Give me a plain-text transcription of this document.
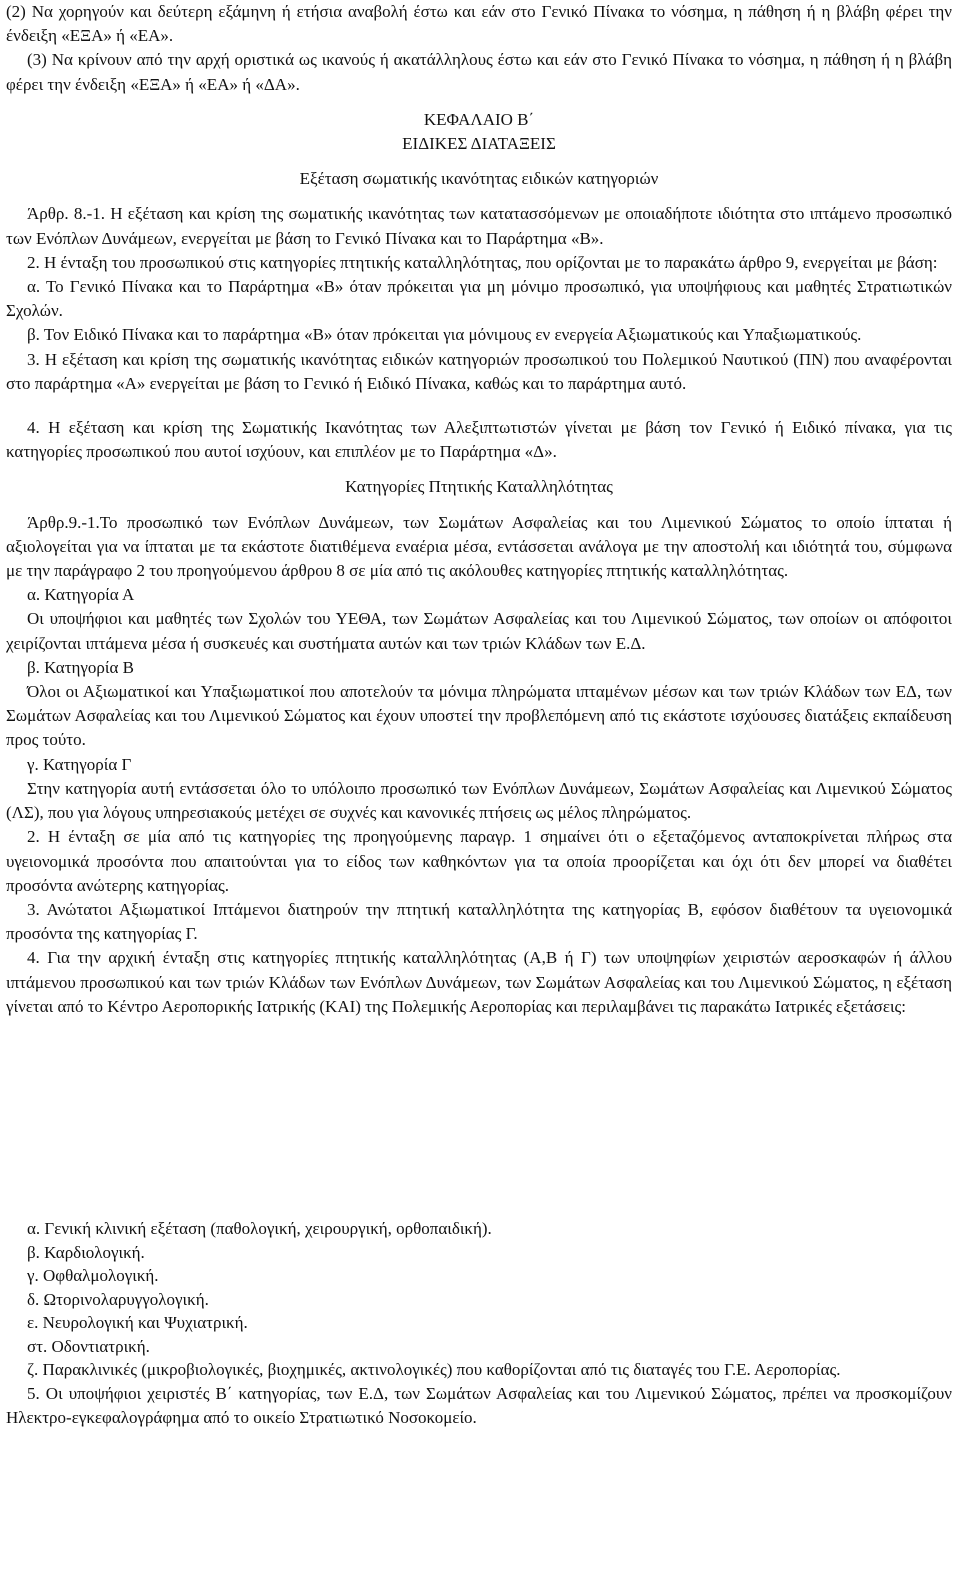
(2) Να χορηγούν και δεύτερη εξάμηνη ή ετήσια αναβολή έστω και εάν στο Γενικό Πίνακα το νόσημα, η πάθηση ή η βλάβη φέρει την ένδειξη «ΕΞΑ» ή «ΕΑ».

(3) Να κρίνουν από την αρχή οριστικά ως ικανούς ή ακατάλληλους έστω και εάν στο Γενικό Πίνακα το νόσημα, η πάθηση ή η βλάβη φέρει την ένδειξη «ΕΞΑ» ή «ΕΑ» ή «ΔΑ».

ΚΕΦΑΛΑΙΟ Β΄

ΕΙΔΙΚΕΣ ΔΙΑΤΑΞΕΙΣ

Εξέταση σωματικής ικανότητας ειδικών κατηγοριών

Άρθρ. 8.-1. Η εξέταση και κρίση της σωματικής ικανότητας των κατατασσόμενων με οποιαδήποτε ιδιότητα στο ιπτάμενο προσωπικό των Ενόπλων Δυνάμεων, ενεργείται με βάση το Γενικό Πίνακα και το Παράρτημα «Β».

2. Η ένταξη του προσωπικού στις κατηγορίες πτητικής καταλληλότητας, που ορίζονται με το παρακάτω άρθρο 9, ενεργείται με βάση:

α. Το Γενικό Πίνακα και το Παράρτημα «Β» όταν πρόκειται για μη μόνιμο προσωπικό, για υποψήφιους και μαθητές Στρατιωτικών Σχολών.

β. Τον Ειδικό Πίνακα και το παράρτημα «Β» όταν πρόκειται για μόνιμους εν ενεργεία Αξιωματικούς και Υπαξιωματικούς.

3. Η εξέταση και κρίση της σωματικής ικανότητας ειδικών κατηγοριών προσωπικού του Πολεμικού Ναυτικού (ΠΝ) που αναφέρονται στο παράρτημα «Α» ενεργείται με βάση το Γενικό ή Ειδικό Πίνακα, καθώς και το παράρτημα αυτό.

4. Η εξέταση και κρίση της Σωματικής Ικανότητας των Αλεξιπτωτιστών γίνεται με βάση τον Γενικό ή Ειδικό πίνακα, για τις κατηγορίες προσωπικού που αυτοί ισχύουν, και επιπλέον με το Παράρτημα «Δ».

Κατηγορίες Πτητικής Καταλληλότητας

Άρθρ.9.-1.Το προσωπικό των Ενόπλων Δυνάμεων, των Σωμάτων Ασφαλείας και του Λιμενικού Σώματος το οποίο ίπταται ή αξιολογείται για να ίπταται με τα εκάστοτε διατιθέμενα εναέρια μέσα, εντάσσεται ανάλογα με την αποστολή και ιδιότητά του, σύμφωνα με την παράγραφο 2 του προηγούμενου άρθρου 8 σε μία από τις ακόλουθες κατηγορίες πτητικής καταλληλότητας.

α. Κατηγορία Α

Οι υποψήφιοι και μαθητές των Σχολών του ΥΕΘΑ, των Σωμάτων Ασφαλείας και του Λιμενικού Σώματος, των οποίων οι απόφοιτοι χειρίζονται ιπτάμενα μέσα ή συσκευές και συστήματα αυτών και των τριών Κλάδων των Ε.Δ.

β. Κατηγορία Β

Όλοι οι Αξιωματικοί και Υπαξιωματικοί που αποτελούν τα μόνιμα πληρώματα ιπταμένων μέσων και των τριών Κλάδων των ΕΔ, των Σωμάτων Ασφαλείας και του Λιμενικού Σώματος και έχουν υποστεί την προβλεπόμενη από τις εκάστοτε ισχύουσες διατάξεις εκπαίδευση προς τούτο.

γ. Κατηγορία Γ

Στην κατηγορία αυτή εντάσσεται όλο το υπόλοιπο προσωπικό των Ενόπλων Δυνάμεων, Σωμάτων Ασφαλείας και Λιμενικού Σώματος (ΛΣ), που για λόγους υπηρεσιακούς μετέχει σε συχνές και κανονικές πτήσεις ως μέλος πληρώματος.

2. Η ένταξη σε μία από τις κατηγορίες της προηγούμενης παραγρ. 1 σημαίνει ότι ο εξεταζόμενος ανταποκρίνεται πλήρως στα υγειονομικά προσόντα που απαιτούνται για το είδος των καθηκόντων για τα οποία προορίζεται και όχι ότι δεν μπορεί να διαθέτει προσόντα ανώτερης κατηγορίας.

3. Ανώτατοι Αξιωματικοί Ιπτάμενοι διατηρούν την πτητική καταλληλότητα της κατηγορίας Β, εφόσον διαθέτουν τα υγειονομικά προσόντα της κατηγορίας Γ.

4. Για την αρχική ένταξη στις κατηγορίες πτητικής καταλληλότητας (Α,Β ή Γ) των υποψηφίων χειριστών αεροσκαφών ή άλλου ιπτάμενου προσωπικού και των τριών Κλάδων των Ενόπλων Δυνάμεων, των Σωμάτων Ασφαλείας και του Λιμενικού Σώματος, η εξέταση γίνεται από το Κέντρο Αεροπορικής Ιατρικής (ΚΑΙ) της Πολεμικής Αεροπορίας και περιλαμβάνει τις παρακάτω Ιατρικές εξετάσεις:

α. Γενική κλινική εξέταση (παθολογική, χειρουργική, ορθοπαιδική).

β. Καρδιολογική.

γ. Οφθαλμολογική.

δ. Ωτορινολαρυγγολογική.

ε. Νευρολογική και Ψυχιατρική.

στ. Οδοντιατρική.

ζ. Παρακλινικές (μικροβιολογικές, βιοχημικές, ακτινολογικές) που καθορίζονται από τις διαταγές του Γ.Ε. Αεροπορίας.

5. Οι υποψήφιοι χειριστές Β΄ κατηγορίας, των Ε.Δ, των Σωμάτων Ασφαλείας και του Λιμενικού Σώματος, πρέπει να προσκομίζουν Ηλεκτρο-εγκεφαλογράφημα από το οικείο Στρατιωτικό Νοσοκομείο.
